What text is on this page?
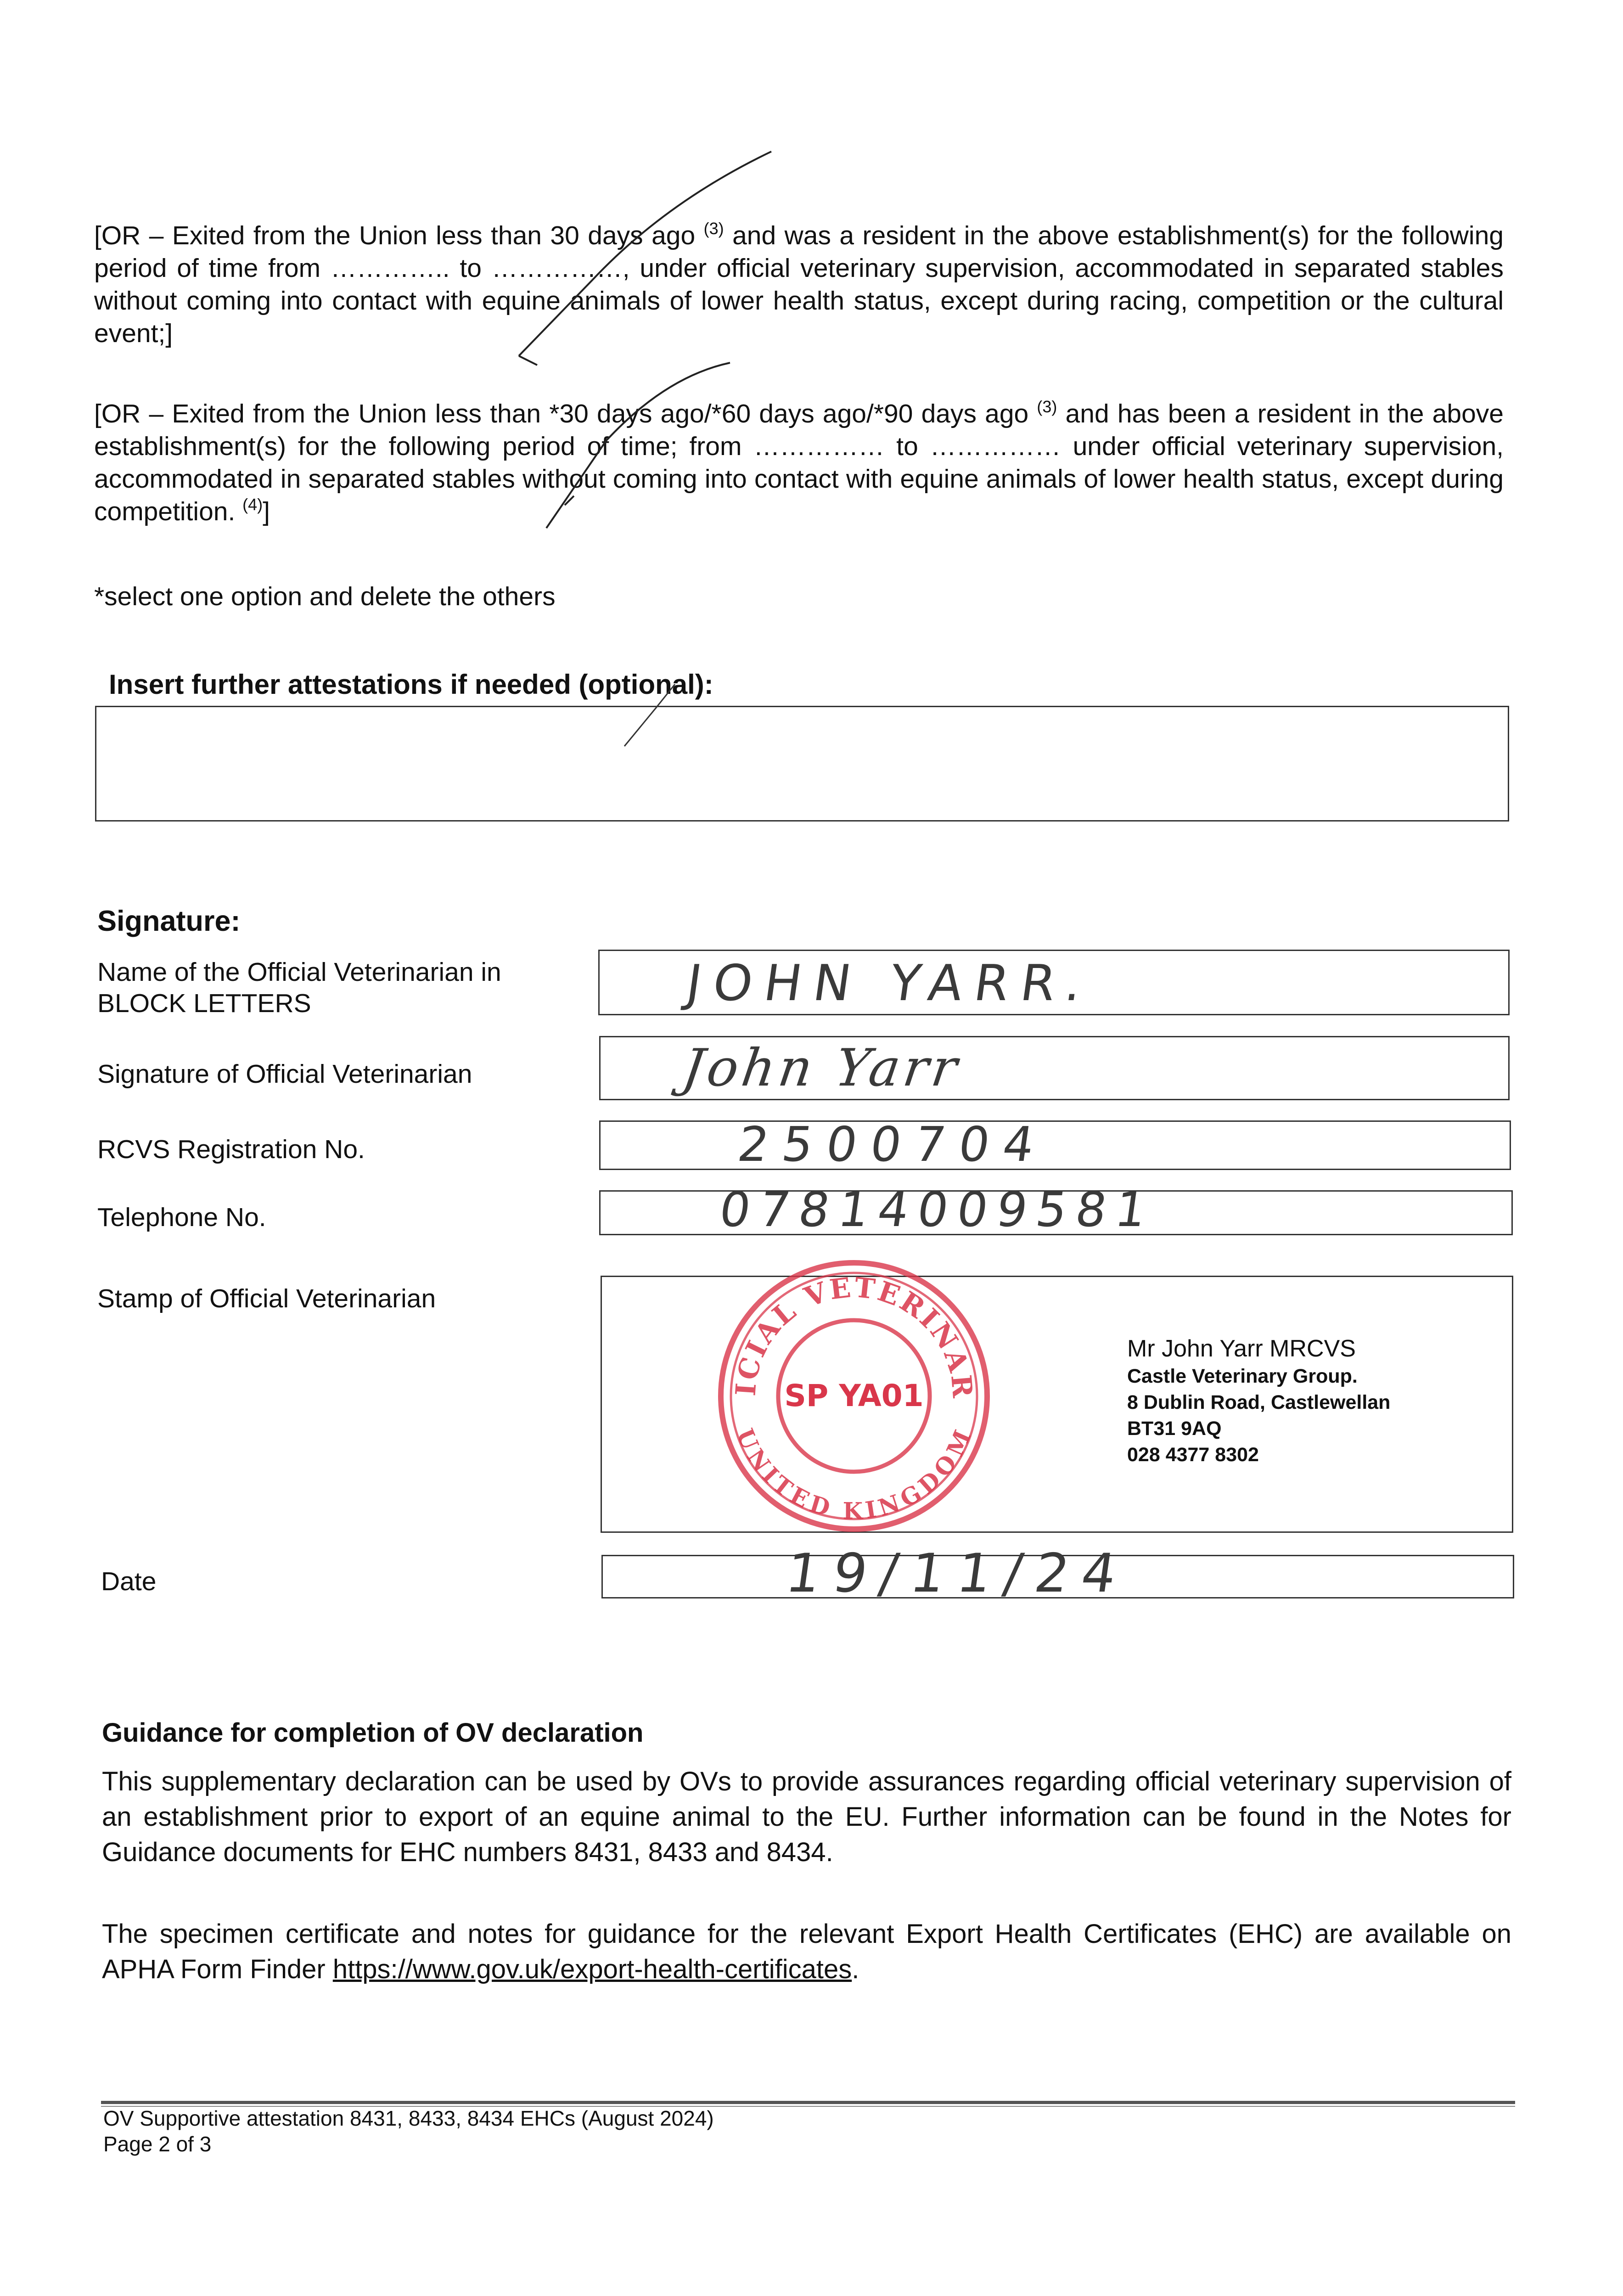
[OR – Exited from the Union less than 30 days ago $^{(3)}$ and was a resident in the above establishment(s) for the following period of time from ………….. to ……………, under official veterinary supervision, accommodated in separated stables without coming into contact with equine animals of lower health status, except during racing, competition or the cultural event;]

[OR – Exited from the Union less than *30 days ago/*60 days ago/*90 days ago $^{(3)}$ and has been a resident in the above establishment(s) for the following period of time; from …………… to …………… under official veterinary supervision, accommodated in separated stables without coming into contact with equine animals of lower health status, except during competition. $^{(4)}$]

*select one option and delete the others

Insert further attestations if needed (optional):

Signature:

Name of the Official Veterinarian in
BLOCK LETTERS	JOHN YARR.

Signature of Official Veterinarian	John Yarr

RCVS Registration No.	2500704

Telephone No.	07814009581

Stamp of Official Veterinarian

ICIAL VETERINAR
UNITED KINGDOM
SP YA01
Mr John Yarr MRCVS
Castle Veterinary Group.
8 Dublin Road, Castlewellan
BT31 9AQ
028 4377 8302

Date	19/11/24

Guidance for completion of OV declaration

This supplementary declaration can be used by OVs to provide assurances regarding official veterinary supervision of an establishment prior to export of an equine animal to the EU. Further information can be found in the Notes for Guidance documents for EHC numbers 8431, 8433 and 8434.

The specimen certificate and notes for guidance for the relevant Export Health Certificates (EHC) are available on APHA Form Finder https://www.gov.uk/export-health-certificates.

OV Supportive attestation 8431, 8433, 8434 EHCs (August 2024)
Page 2 of 3
